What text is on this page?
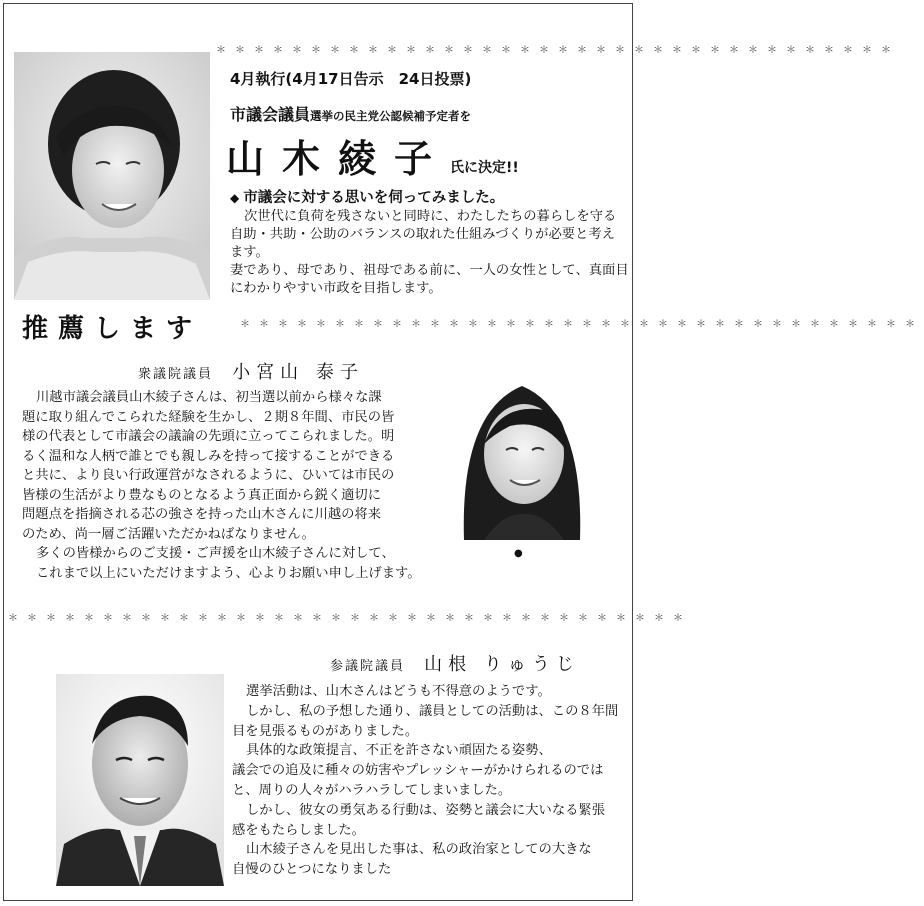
＊＊＊＊＊＊＊＊＊＊＊＊＊＊＊＊＊＊＊＊＊＊＊＊＊＊＊＊＊＊＊＊＊＊＊＊
＊＊＊＊＊＊＊＊＊＊＊＊＊＊＊＊＊＊＊＊＊＊＊＊＊＊＊＊＊＊＊＊＊＊＊＊
4月執行(4月17日告示　24日投票)
市議会議員選挙の民主党公認候補予定者を
山木綾子氏に決定!!
◆ 市議会に対する思いを伺ってみました。

次世代に負荷を残さないと同時に、わたしたちの暮らしを守る

自助・共助・公助のバランスの取れた仕組みづくりが必要と考え

ます。

妻であり、母であり、祖母である前に、一人の女性として、真面目

にわかりやすい市政を目指します。

推薦します	＊＊＊＊＊＊＊＊＊＊＊＊＊＊＊＊＊＊＊＊＊＊＊＊＊＊＊＊＊＊＊＊＊＊＊＊
衆議院議員 小宮山 泰子

川越市議会議員山木綾子さんは、初当選以前から様々な課

題に取り組んでこられた経験を生かし、２期８年間、市民の皆

様の代表として市議会の議論の先頭に立ってこられました。明

るく温和な人柄で誰とでも親しみを持って接することができる

と共に、より良い行政運営がなされるように、ひいては市民の

皆様の生活がより豊なものとなるよう真正面から鋭く適切に

問題点を指摘される芯の強さを持った山木さんに川越の将来

のため、尚一層ご活躍いただかねばなりません。

多くの皆様からのご支援・ご声援を山木綾子さんに対して、

これまで以上にいただけますよう、心よりお願い申し上げます。

●
参議院議員 山根 りゅうじ

選挙活動は、山木さんはどうも不得意のようです。

しかし、私の予想した通り、議員としての活動は、この８年間

目を見張るものがありました。

具体的な政策提言、不正を許さない頑固たる姿勢、

議会での追及に種々の妨害やプレッシャーがかけられるのでは

と、周りの人々がハラハラしてしまいました。

しかし、彼女の勇気ある行動は、姿勢と議会に大いなる緊張

感をもたらしました。

山木綾子さんを見出した事は、私の政治家としての大きな

自慢のひとつになりました
